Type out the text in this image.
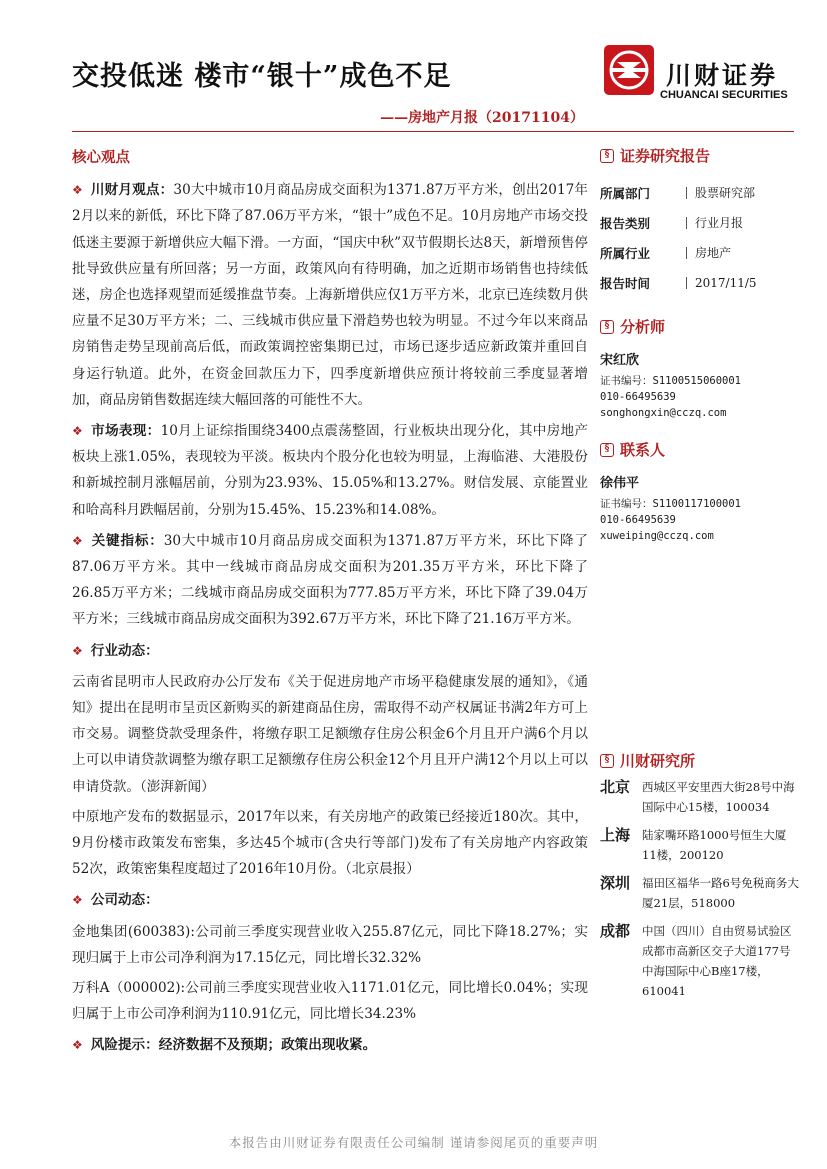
交投低迷 楼市“银十”成色不足
——房地产月报（20171104）
川财证券
CHUANCAI SECURITIES
核心观点

❖ 川财月观点：30大中城市10月商品房成交面积为1371.87万平方米，创出2017年2月以来的新低，环比下降了87.06万平方米，“银十”成色不足。10月房地产市场交投低迷主要源于新增供应大幅下滑。一方面，“国庆中秋”双节假期长达8天，新增预售停批导致供应量有所回落；另一方面，政策风向有待明确，加之近期市场销售也持续低迷，房企也选择观望而延缓推盘节奏。上海新增供应仅1万平方米，北京已连续数月供应量不足30万平方米；二、三线城市供应量下滑趋势也较为明显。不过今年以来商品房销售走势呈现前高后低，而政策调控密集期已过，市场已逐步适应新政策并重回自身运行轨道。此外，在资金回款压力下，四季度新增供应预计将较前三季度显著增加，商品房销售数据连续大幅回落的可能性不大。

❖ 市场表现：10月上证综指围绕3400点震荡整固，行业板块出现分化，其中房地产板块上涨1.05%，表现较为平淡。板块内个股分化也较为明显，上海临港、大港股份和新城控制月涨幅居前，分别为23.93%、15.05%和13.27%。财信发展、京能置业和哈高科月跌幅居前，分别为15.45%、15.23%和14.08%。

❖ 关键指标：30大中城市10月商品房成交面积为1371.87万平方米，环比下降了87.06万平方米。其中一线城市商品房成交面积为201.35万平方米，环比下降了26.85万平方米；二线城市商品房成交面积为777.85万平方米，环比下降了39.04万平方米；三线城市商品房成交面积为392.67万平方米，环比下降了21.16万平方米。

❖ 行业动态：

云南省昆明市人民政府办公厅发布《关于促进房地产市场平稳健康发展的通知》，《通知》提出在昆明市呈贡区新购买的新建商品住房，需取得不动产权属证书满2年方可上市交易。调整贷款受理条件，将缴存职工足额缴存住房公积金6个月且开户满6个月以上可以申请贷款调整为缴存职工足额缴存住房公积金12个月且开户满12个月以上可以申请贷款。（澎湃新闻）

中原地产发布的数据显示，2017年以来，有关房地产的政策已经接近180次。其中，9月份楼市政策发布密集，多达45个城市(含央行等部门)发布了有关房地产内容政策52次，政策密集程度超过了2016年10月份。（北京晨报）

❖ 公司动态：

金地集团(600383):公司前三季度实现营业收入255.87亿元，同比下降18.27%；实现归属于上市公司净利润为17.15亿元，同比增长32.32%

万科A（000002):公司前三季度实现营业收入1171.01亿元，同比增长0.04%；实现归属于上市公司净利润为110.91亿元，同比增长34.23%

❖ 风险提示：经济数据不及预期；政策出现收紧。

§ 证券研究报告
所属部门	股票研究部
报告类别	行业月报
所属行业	房地产
报告时间	2017/11/5
§ 分析师
宋红欣
证书编号：S1100515060001
010-66495639
songhongxin@cczq.com
§ 联系人
徐伟平
证书编号：S1100117100001
010-66495639
xuweiping@cczq.com
§ 川财研究所
北京	西城区平安里西大街28号中海国际中心15楼，100034
上海	陆家嘴环路1000号恒生大厦11楼，200120
深圳	福田区福华一路6号免税商务大厦21层，518000
成都	中国（四川）自由贸易试验区成都市高新区交子大道177号中海国际中心B座17楼，610041
本报告由川财证券有限责任公司编制 谨请参阅尾页的重要声明
